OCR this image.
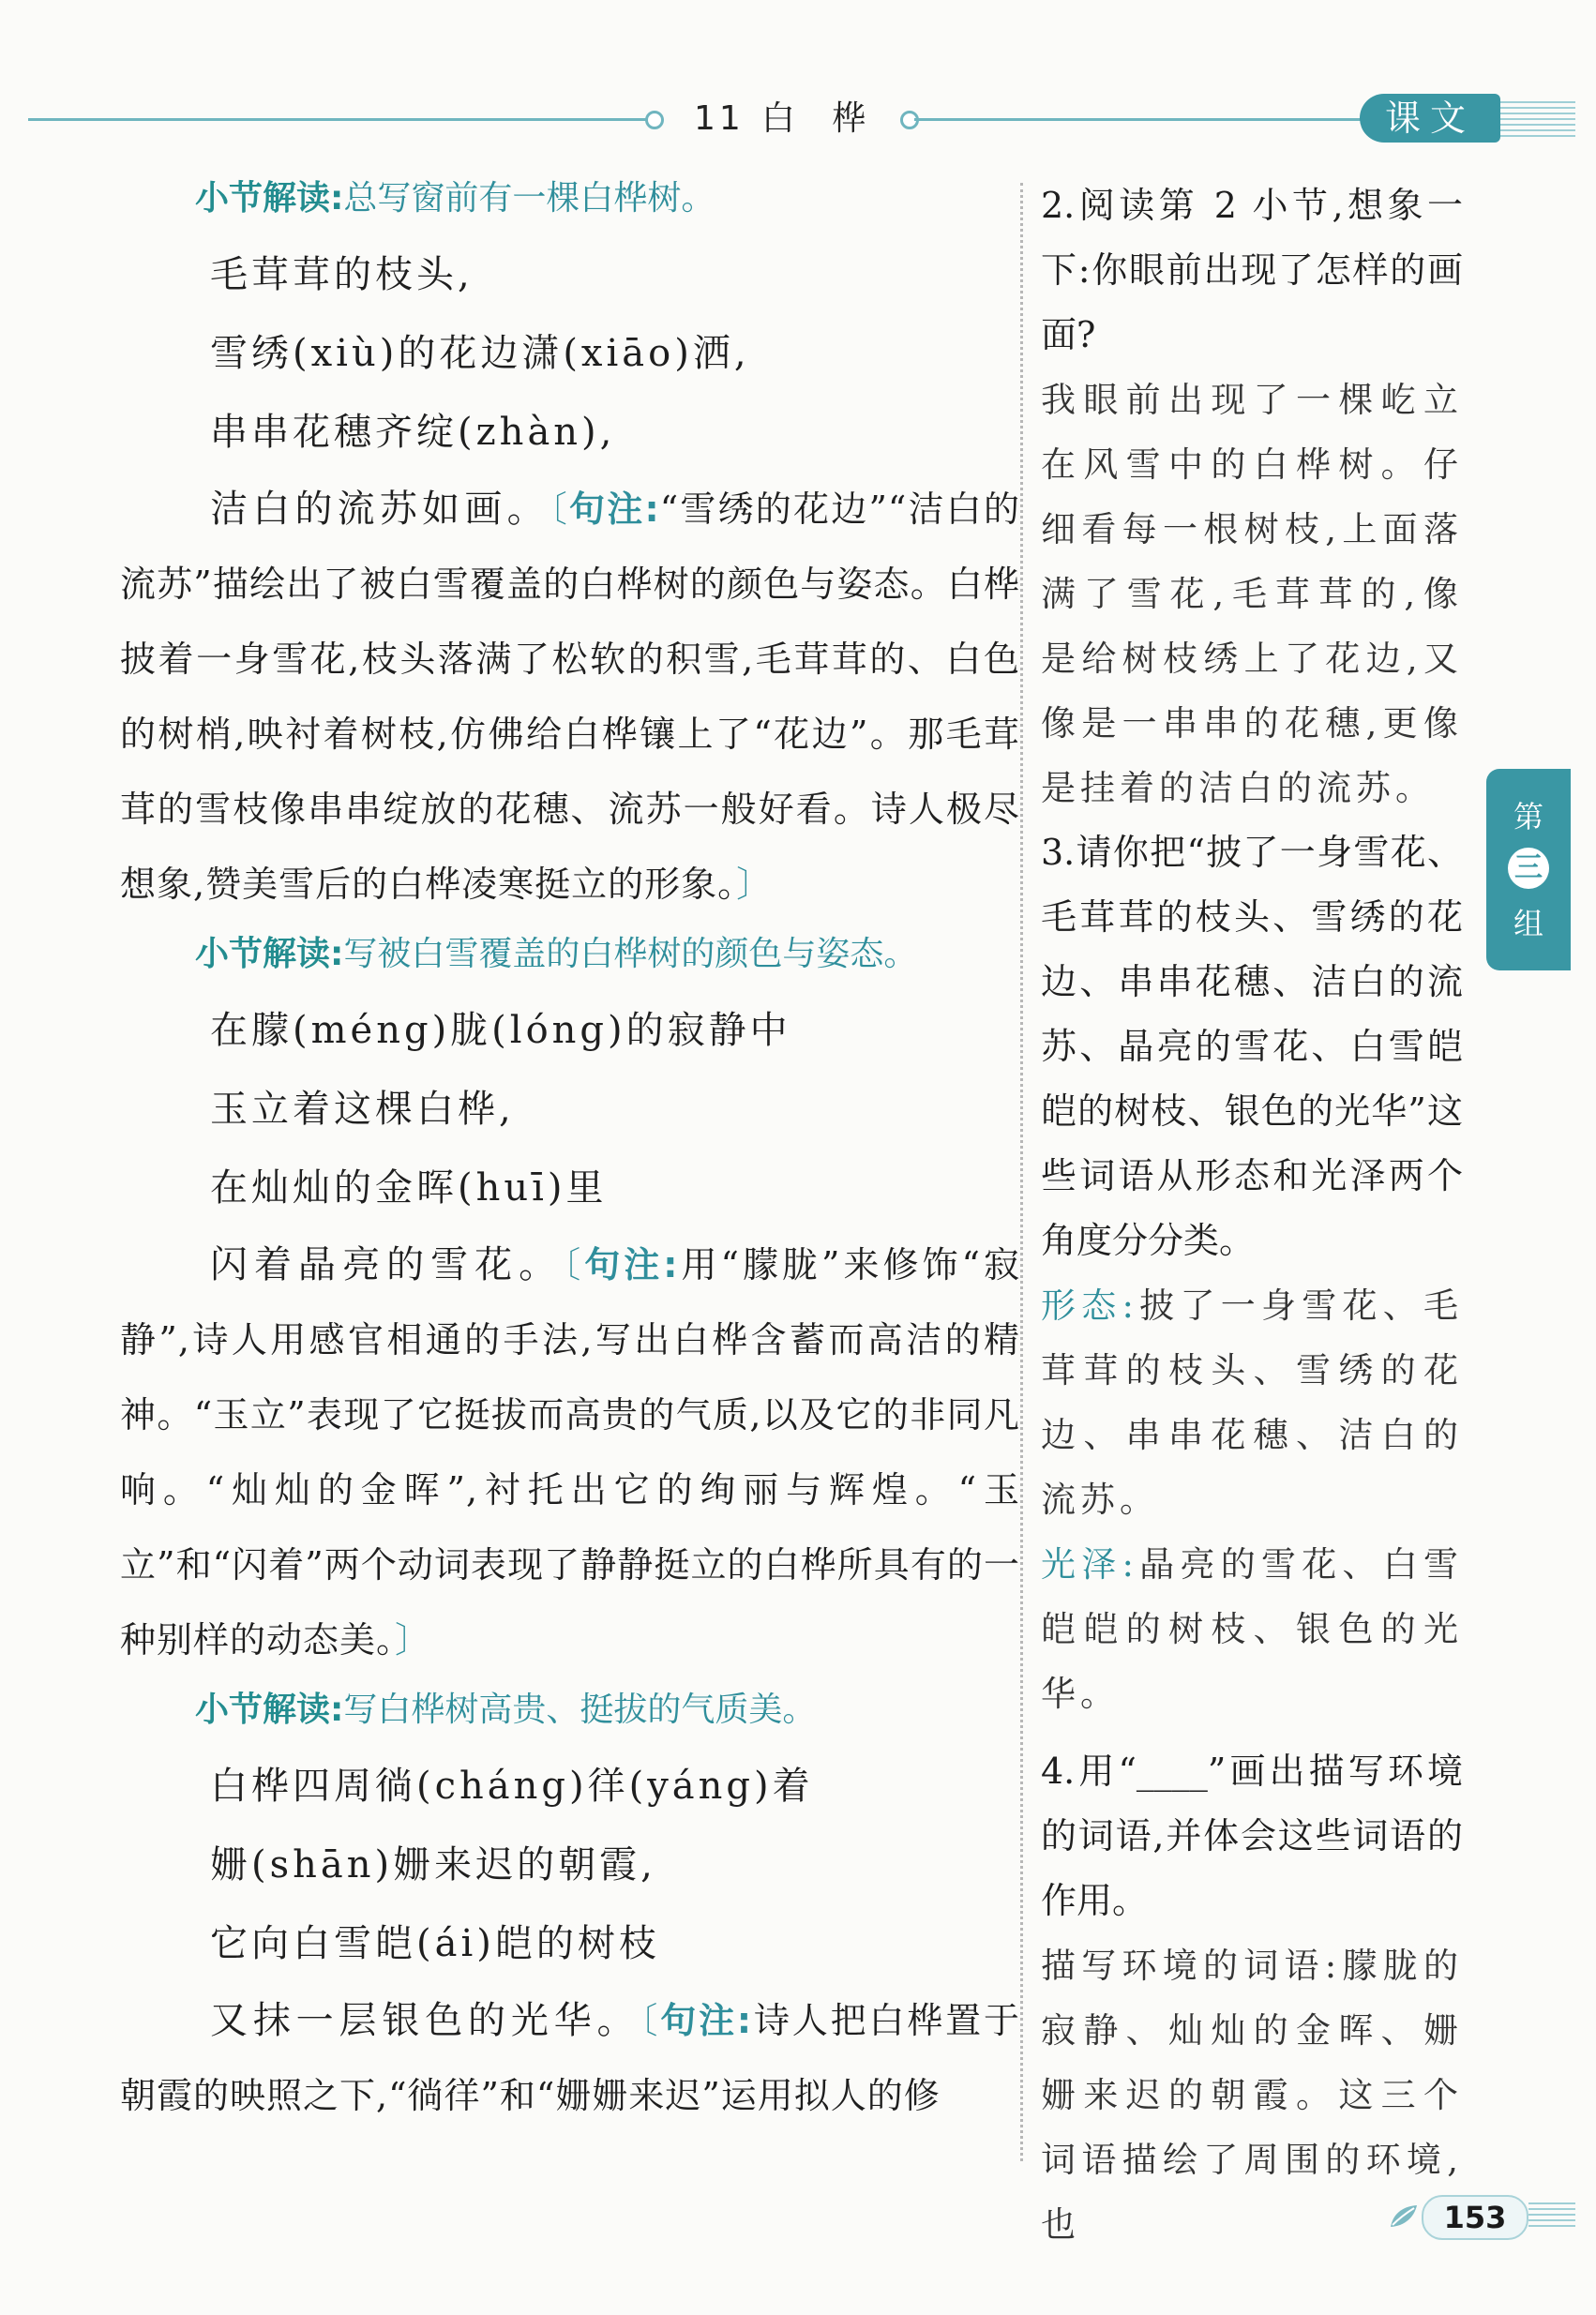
11 白 桦	课文
小节解读:总写窗前有一棵白桦树。
毛茸茸的枝头,
雪绣(xiù)的花边潇(xiāo)洒,
串串花穗齐绽(zhàn),
洁白的流苏如画。〔句注:“雪绣的花边”“洁白的流苏”描绘出了被白雪覆盖的白桦树的颜色与姿态。白桦披着一身雪花,枝头落满了松软的积雪,毛茸茸的、白色的树梢,映衬着树枝,仿佛给白桦镶上了“花边”。那毛茸茸的雪枝像串串绽放的花穗、流苏一般好看。诗人极尽想象,赞美雪后的白桦凌寒挺立的形象。〕
小节解读:写被白雪覆盖的白桦树的颜色与姿态。
在朦(méng)胧(lóng)的寂静中
玉立着这棵白桦,
在灿灿的金晖(huī)里
闪着晶亮的雪花。〔句注:用“朦胧”来修饰“寂静”,诗人用感官相通的手法,写出白桦含蓄而高洁的精神。“玉立”表现了它挺拔而高贵的气质,以及它的非同凡响。“灿灿的金晖”,衬托出它的绚丽与辉煌。“玉立”和“闪着”两个动词表现了静静挺立的白桦所具有的一种别样的动态美。〕
小节解读:写白桦树高贵、挺拔的气质美。
白桦四周徜(cháng)徉(yáng)着
姗(shān)姗来迟的朝霞,
它向白雪皑(ái)皑的树枝
又抹一层银色的光华。〔句注:诗人把白桦置于朝霞的映照之下,“徜徉”和“姗姗来迟”运用拟人的修
2.阅读第 2 小节,想象一下:你眼前出现了怎样的画面?
我眼前出现了一棵屹立在风雪中的白桦树。仔细看每一根树枝,上面落满了雪花,毛茸茸的,像是给树枝绣上了花边,又像是一串串的花穗,更像是挂着的洁白的流苏。
3.请你把“披了一身雪花、毛茸茸的枝头、雪绣的花边、串串花穗、洁白的流苏、晶亮的雪花、白雪皑皑的树枝、银色的光华”这些词语从形态和光泽两个角度分分类。
形态:披了一身雪花、毛茸茸的枝头、雪绣的花边、串串花穗、洁白的流苏。
光泽:晶亮的雪花、白雪皑皑的树枝、银色的光华。
4.用“____”画出描写环境的词语,并体会这些词语的作用。
描写环境的词语:朦胧的寂静、灿灿的金晖、姗姗来迟的朝霞。这三个词语描绘了周围的环境,也
第
三
组
153
